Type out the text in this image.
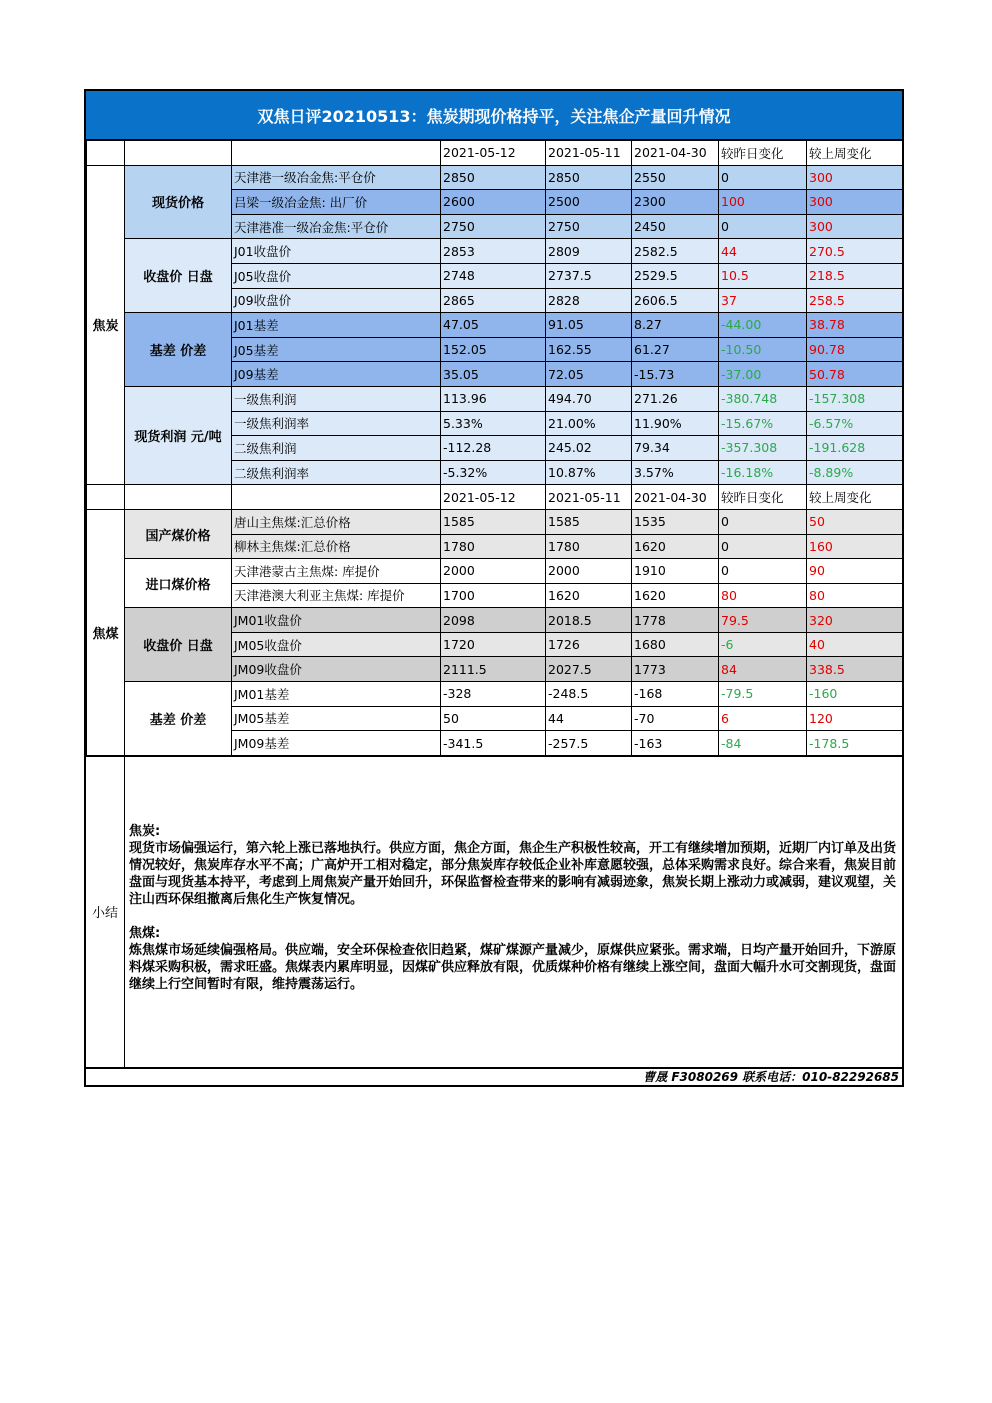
双焦日评20210513：焦炭期现价格持平，关注焦企产量回升情况
			2021-05-12	2021-05-11	2021-04-30	较昨日变化	较上周变化
焦炭	现货价格	天津港一级冶金焦:平仓价	2850	2850	2550	0	300
		吕梁一级冶金焦: 出厂价	2600	2500	2300	100	300
		天津港准一级冶金焦:平仓价	2750	2750	2450	0	300
	收盘价 日盘	J01收盘价	2853	2809	2582.5	44	270.5
		J05收盘价	2748	2737.5	2529.5	10.5	218.5
		J09收盘价	2865	2828	2606.5	37	258.5
	基差 价差	J01基差	47.05	91.05	8.27	-44.00	38.78
		J05基差	152.05	162.55	61.27	-10.50	90.78
		J09基差	35.05	72.05	-15.73	-37.00	50.78
	现货利润 元/吨	一级焦利润	113.96	494.70	271.26	-380.748	-157.308
		一级焦利润率	5.33%	21.00%	11.90%	-15.67%	-6.57%
		二级焦利润	-112.28	245.02	79.34	-357.308	-191.628
		二级焦利润率	-5.32%	10.87%	3.57%	-16.18%	-8.89%
			2021-05-12	2021-05-11	2021-04-30	较昨日变化	较上周变化
焦煤	国产煤价格	唐山主焦煤:汇总价格	1585	1585	1535	0	50
		柳林主焦煤:汇总价格	1780	1780	1620	0	160
	进口煤价格	天津港蒙古主焦煤: 库提价	2000	2000	1910	0	90
		天津港澳大利亚主焦煤: 库提价	1700	1620	1620	80	80
	收盘价 日盘	JM01收盘价	2098	2018.5	1778	79.5	320
		JM05收盘价	1720	1726	1680	-6	40
		JM09收盘价	2111.5	2027.5	1773	84	338.5
	基差 价差	JM01基差	-328	-248.5	-168	-79.5	-160
		JM05基差	50	44	-70	6	120
		JM09基差	-341.5	-257.5	-163	-84	-178.5
小结

焦炭:

现货市场偏强运行，第六轮上涨已落地执行。供应方面，焦企方面，焦企生产积极性较高，开工有继续增加预期，近期厂内订单及出货情况较好，焦炭库存水平不高；广高炉开工相对稳定，部分焦炭库存较低企业补库意愿较强，总体采购需求良好。综合来看，焦炭目前盘面与现货基本持平，考虑到上周焦炭产量开始回升，环保监督检查带来的影响有减弱迹象，焦炭长期上涨动力或减弱，建议观望，关注山西环保组撤离后焦化生产恢复情况。

焦煤:

炼焦煤市场延续偏强格局。供应端，安全环保检查依旧趋紧，煤矿煤源产量减少，原煤供应紧张。需求端，日均产量开始回升，下游原料煤采购积极，需求旺盛。焦煤表内累库明显，因煤矿供应释放有限，优质煤种价格有继续上涨空间，盘面大幅升水可交割现货，盘面继续上行空间暂时有限，维持震荡运行。

曹晟 F3080269 联系电话：010-82292685
